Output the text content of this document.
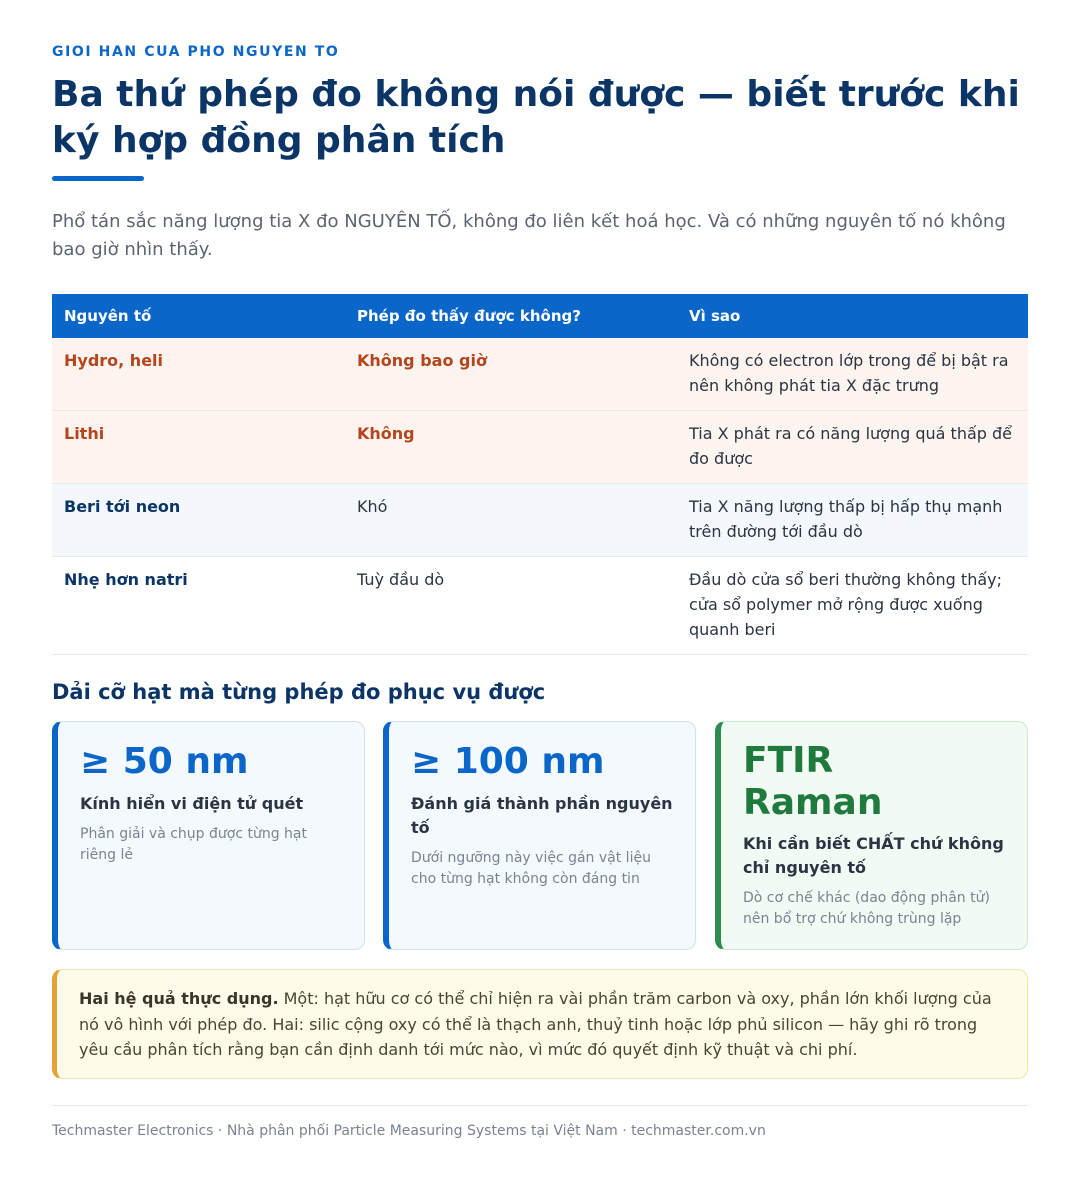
GIOI HAN CUA PHO NGUYEN TO
Ba thứ phép đo không nói được — biết trước khi ký hợp đồng phân tích

Phổ tán sắc năng lượng tia X đo NGUYÊN TỐ, không đo liên kết hoá học. Và có những nguyên tố nó không bao giờ nhìn thấy.

Nguyên tố	Phép đo thấy được không?	Vì sao
Hydro, heli	Không bao giờ	Không có electron lớp trong để bị bật ra nên không phát tia X đặc trưng
Lithi	Không	Tia X phát ra có năng lượng quá thấp để đo được
Beri tới neon	Khó	Tia X năng lượng thấp bị hấp thụ mạnh trên đường tới đầu dò
Nhẹ hơn natri	Tuỳ đầu dò	Đầu dò cửa sổ beri thường không thấy; cửa sổ polymer mở rộng được xuống quanh beri
Dải cỡ hạt mà từng phép đo phục vụ được
≥ 50 nm
Kính hiển vi điện tử quét
Phân giải và chụp được từng hạt riêng lẻ
≥ 100 nm
Đánh giá thành phần nguyên tố
Dưới ngưỡng này việc gán vật liệu cho từng hạt không còn đáng tin
FTIR
Raman
Khi cần biết CHẤT chứ không chỉ nguyên tố
Dò cơ chế khác (dao động phân tử) nên bổ trợ chứ không trùng lặp
Hai hệ quả thực dụng. Một: hạt hữu cơ có thể chỉ hiện ra vài phần trăm carbon và oxy, phần lớn khối lượng của nó vô hình với phép đo. Hai: silic cộng oxy có thể là thạch anh, thuỷ tinh hoặc lớp phủ silicon — hãy ghi rõ trong yêu cầu phân tích rằng bạn cần định danh tới mức nào, vì mức đó quyết định kỹ thuật và chi phí.
Techmaster Electronics · Nhà phân phối Particle Measuring Systems tại Việt Nam · techmaster.com.vn
